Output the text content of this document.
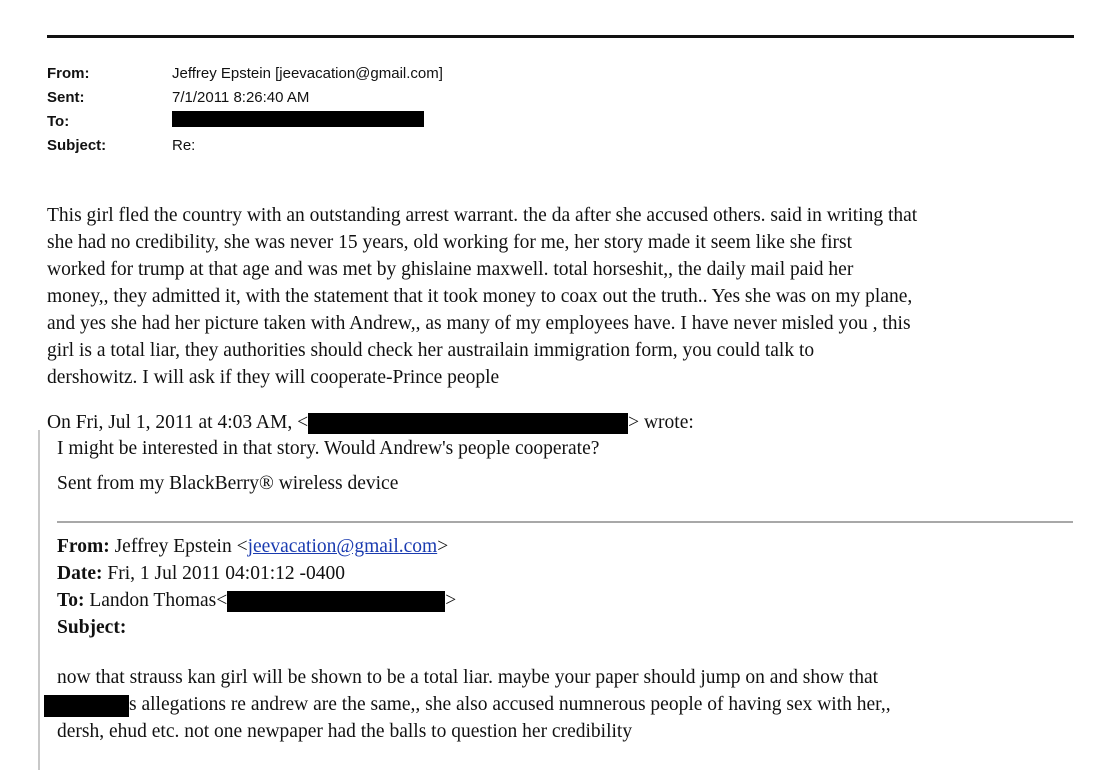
From:	Jeffrey Epstein [jeevacation@gmail.com]
Sent:	7/1/2011 8:26:40 AM
To:
Subject:	Re:

This girl fled the country with an outstanding arrest warrant. the da after she accused others. said in writing that

she had no credibility, she was never 15 years, old working for me, her story made it seem like she first

worked for trump at that age and was met by ghislaine maxwell. total horseshit,, the daily mail paid her

money,, they admitted it, with the statement that it took money to coax out the truth.. Yes she was on my plane,

and yes she had her picture taken with Andrew,, as many of my employees have. I have never misled you , this

girl is a total liar, they authorities should check her austrailain immigration form, you could talk to

dershowitz. I will ask if they will cooperate-Prince people

On Fri, Jul 1, 2011 at 4:03 AM, <	> wrote:
I might be interested in that story. Would Andrew's people cooperate?
Sent from my BlackBerry® wireless device
From: Jeffrey Epstein <jeevacation@gmail.com>
Date: Fri, 1 Jul 2011 04:01:12 -0400
To: Landon Thomas<	>
Subject:

now that strauss kan girl will be shown to be a total liar. maybe your paper should jump on and show that

s allegations re andrew are the same,, she also accused numnerous people of having sex with her,,

dersh, ehud etc. not one newpaper had the balls to question her credibility
